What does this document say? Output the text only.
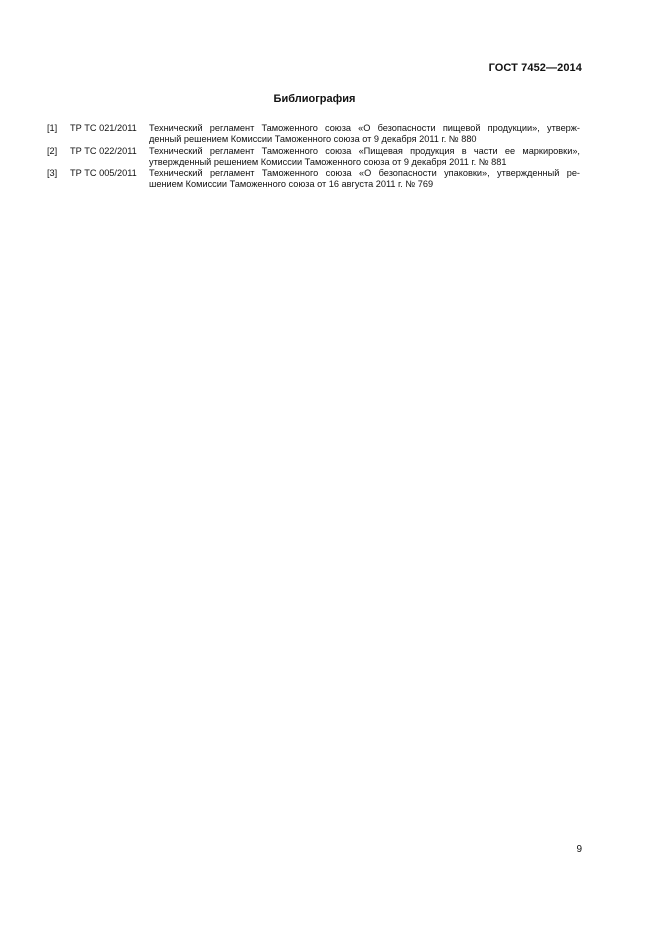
ГОСТ 7452—2014
Библиография
[1]	ТР ТС 021/2011	Технический регламент Таможенного союза «О безопасности пищевой продукции», утверж-
денный решением Комиссии Таможенного союза от 9 декабря 2011 г. № 880
[2]	ТР ТС 022/2011	Технический регламент Таможенного союза «Пищевая продукция в части ее маркировки»,
утвержденный решением Комиссии Таможенного союза от 9 декабря 2011 г. № 881
[3]	ТР ТС 005/2011	Технический регламент Таможенного союза «О безопасности упаковки», утвержденный ре-
шением Комиссии Таможенного союза от 16 августа 2011 г. № 769
9
